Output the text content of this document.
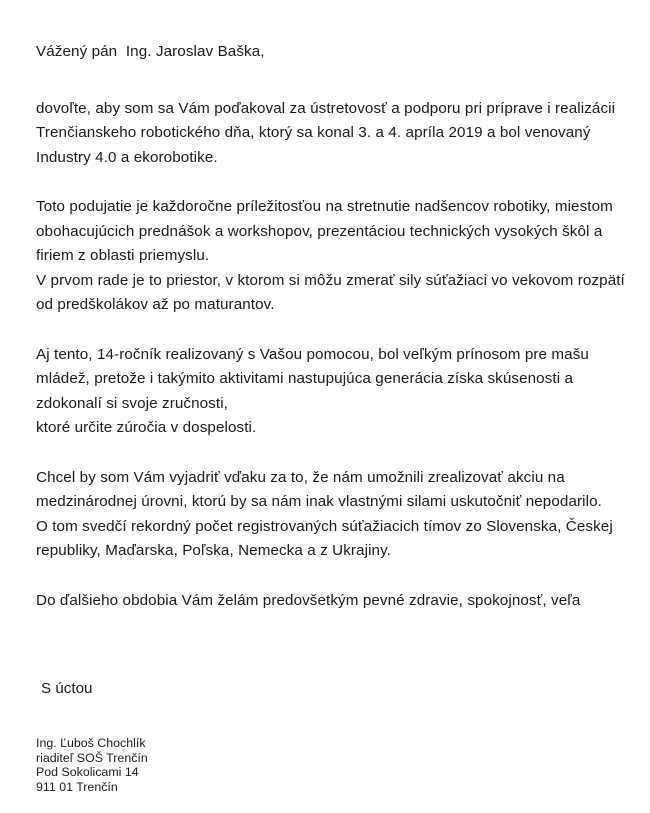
Vážený pán  Ing. Jaroslav Baška,
dovoľte, aby som sa Vám poďakoval za ústretovosť a podporu pri príprave i realizácii
Trenčianskeho robotického dňa, ktorý sa konal 3. a 4. apríla 2019 a bol venovaný
Industry 4.0 a ekorobotike.
Toto podujatie je každoročne príležitosťou na stretnutie nadšencov robotiky, miestom
obohacujúcich prednášok a workshopov, prezentáciou technických vysokých škôl a
firiem z oblasti priemyslu.
V prvom rade je to priestor, v ktorom si môžu zmerať sily súťažiaci vo vekovom rozpätí
od predškolákov až po maturantov.
Aj tento, 14-ročník realizovaný s Vašou pomocou, bol veľkým prínosom pre mašu
mládež, pretože i takýmito aktivitami nastupujúca generácia získa skúsenosti a
zdokonalí si svoje zručnosti,
ktoré určite zúročia v dospelosti.
Chcel by som Vám vyjadriť vďaku za to, že nám umožnili zrealizovať akciu na
medzinárodnej úrovni, ktorú by sa nám inak vlastnými silami uskutočniť nepodarilo.
O tom svedčí rekordný počet registrovaných súťažiacich tímov zo Slovenska, Českej
republiky, Maďarska, Poľska, Nemecka a z Ukrajiny.
Do ďalšieho obdobia Vám želám predovšetkým pevné zdravie, spokojnosť, veľa
S úctou
Ing. Ľuboš Chochlík
riaditeľ SOŠ Trenčín
Pod Sokolicami 14
911 01 Trenčín
